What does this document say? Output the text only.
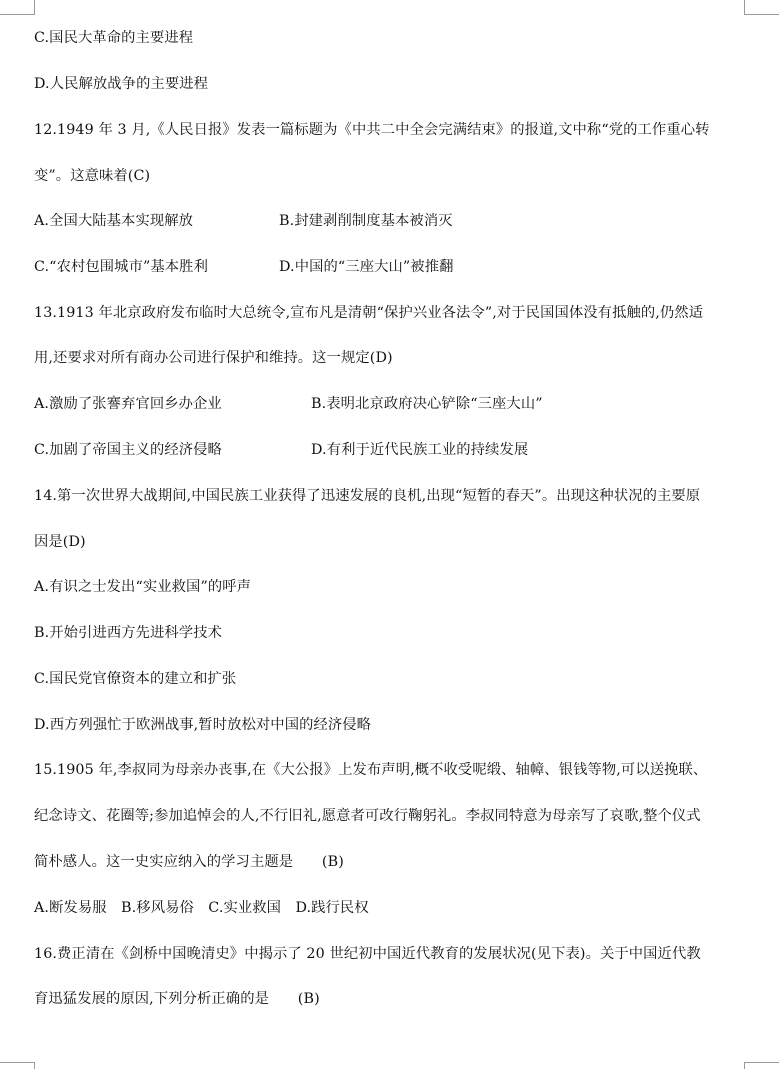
C.国民大革命的主要进程
D.人民解放战争的主要进程
12.1949 年 3 月,《人民日报》发表一篇标题为《中共二中全会完满结束》的报道,文中称“党的工作重心转
变”。这意味着(C)
A.全国大陆基本实现解放	B.封建剥削制度基本被消灭
C.“农村包围城市”基本胜利	D.中国的“三座大山”被推翻
13.1913 年北京政府发布临时大总统令,宣布凡是清朝“保护兴业各法令”,对于民国国体没有抵触的,仍然适
用,还要求对所有商办公司进行保护和维持。这一规定(D)
A.激励了张謇弃官回乡办企业	B.表明北京政府决心铲除“三座大山”
C.加剧了帝国主义的经济侵略	D.有利于近代民族工业的持续发展
14.第一次世界大战期间,中国民族工业获得了迅速发展的良机,出现“短暂的春天”。出现这种状况的主要原
因是(D)
A.有识之士发出“实业救国”的呼声
B.开始引进西方先进科学技术
C.国民党官僚资本的建立和扩张
D.西方列强忙于欧洲战事,暂时放松对中国的经济侵略
15.1905 年,李叔同为母亲办丧事,在《大公报》上发布声明,概不收受呢缎、轴幛、银钱等物,可以送挽联、
纪念诗文、花圈等;参加追悼会的人,不行旧礼,愿意者可改行鞠躬礼。李叔同特意为母亲写了哀歌,整个仪式
简朴感人。这一史实应纳入的学习主题是　　(B)
A.断发易服　B.移风易俗　C.实业救国　D.践行民权
16.费正清在《剑桥中国晚清史》中揭示了 20 世纪初中国近代教育的发展状况(见下表)。关于中国近代教
育迅猛发展的原因,下列分析正确的是　　(B)
